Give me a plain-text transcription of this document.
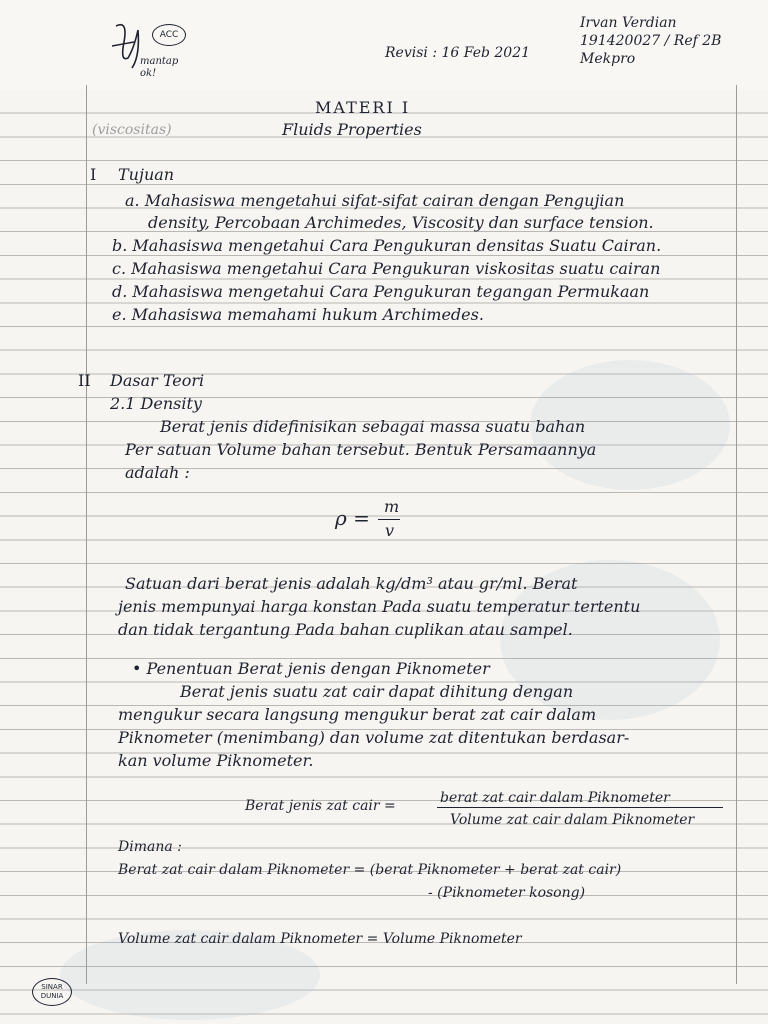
ACC
mantap ok!
Revisi : 16 Feb 2021
Irvan Verdian
191420027 / Ref 2B
Mekpro
MATERI I
(viscositas)	Fluids Properties
I Tujuan
a. Mahasiswa mengetahui sifat-sifat cairan dengan Pengujian
density, Percobaan Archimedes, Viscosity dan surface tension.
b. Mahasiswa mengetahui Cara Pengukuran densitas Suatu Cairan.
c. Mahasiswa mengetahui Cara Pengukuran viskositas suatu cairan
d. Mahasiswa mengetahui Cara Pengukuran tegangan Permukaan
e. Mahasiswa memahami hukum Archimedes.
II Dasar Teori
2.1 Density
Berat jenis didefinisikan sebagai massa suatu bahan
Per satuan Volume bahan tersebut. Bentuk Persamaannya
adalah :
ρ = m
v
Satuan dari berat jenis adalah kg/dm³ atau gr/ml. Berat
jenis mempunyai harga konstan Pada suatu temperatur tertentu
dan tidak tergantung Pada bahan cuplikan atau sampel.
• Penentuan Berat jenis dengan Piknometer
Berat jenis suatu zat cair dapat dihitung dengan
mengukur secara langsung mengukur berat zat cair dalam
Piknometer (menimbang) dan volume zat ditentukan berdasar-
kan volume Piknometer.
Berat jenis zat cair =	berat zat cair dalam Piknometer
Volume zat cair dalam Piknometer
Dimana :
Berat zat cair dalam Piknometer = (berat Piknometer + berat zat cair)
- (Piknometer kosong)
Volume zat cair dalam Piknometer = Volume Piknometer
SINAR DUNIA
